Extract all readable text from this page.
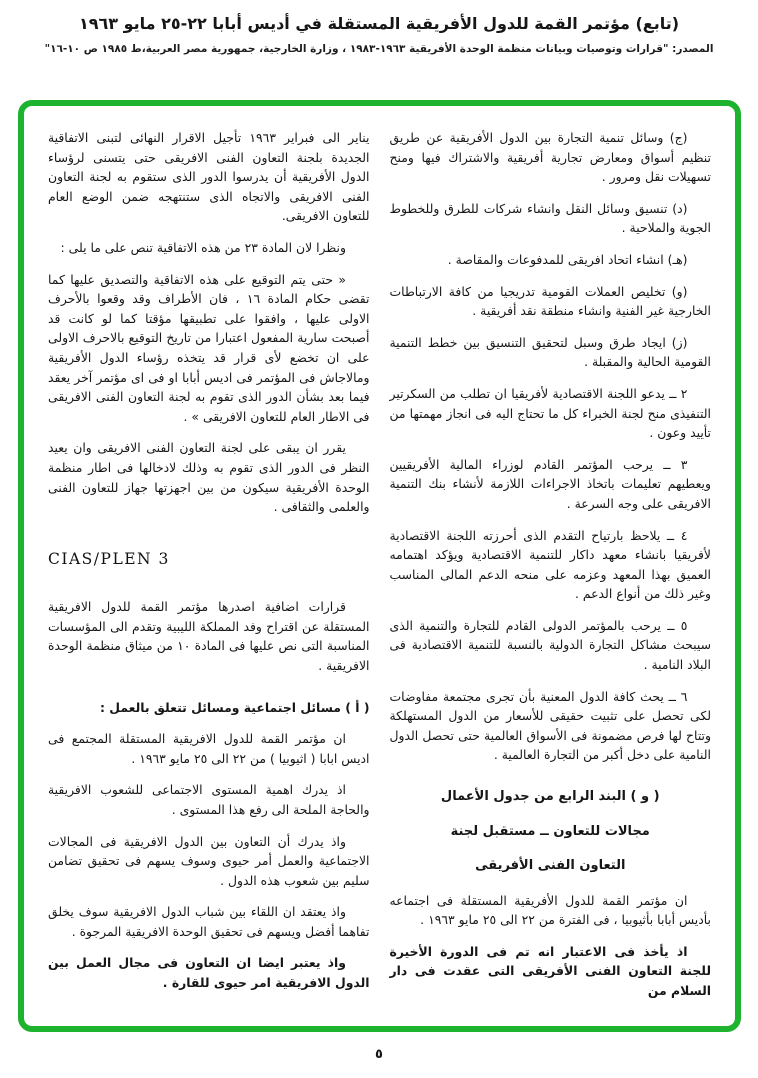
(تابع) مؤتمر القمة للدول الأفريقية المستقلة في أديس أبابا ٢٢-٢٥ مايو ١٩٦٣
المصدر: "قرارات وتوصيات وبيانات منظمة الوحدة الأفريقية ١٩٦٣-١٩٨٣ ، وزارة الخارجية، جمهورية مصر العربية،ط ١٩٨٥ ص ١٠-١٦"

(ج) وسائل تنمية التجارة بين الدول الأفريقية عن طريق تنظيم أسواق ومعارض تجارية أفريقية والاشتراك فيها ومنح تسهيلات نقل ومرور .

(د) تنسيق وسائل النقل وانشاء شركات للطرق وللخطوط الجوية والملاحية .

(هـ) انشاء اتحاد افريقى للمدفوعات والمقاصة .

(و) تخليص العملات القومية تدريجيا من كافة الارتباطات الخارجية غير الفنية وانشاء منطقة نقد أفريقية .

(ز) ايجاد طرق وسبل لتحقيق التنسيق بين خطط التنمية القومية الحالية والمقبلة .

٢ ــ يدعو اللجنة الاقتصادية لأفريقيا ان تطلب من السكرتير التنفيذى منح لجنة الخبراء كل ما تحتاج اليه فى انجاز مهمتها من تأييد وعون .

٣ ــ يرحب المؤتمر القادم لوزراء المالية الأفريقيين ويعطيهم تعليمات باتخاذ الاجراءات اللازمة لأنشاء بنك التنمية الافريقى على وجه السرعة .

٤ ــ يلاحظ بارتياح التقدم الذى أحرزته اللجنة الاقتصادية لأفريقيا بانشاء معهد داكار للتنمية الاقتصادية ويؤكد اهتمامه العميق بهذا المعهد وعزمه على منحه الدعم المالى المناسب وغير ذلك من أنواع الدعم .

٥ ــ يرحب بالمؤتمر الدولى القادم للتجارة والتنمية الذى سيبحث مشاكل التجارة الدولية بالنسبة للتنمية الاقتصادية فى البلاد النامية .

٦ ــ يحث كافة الدول المعنية بأن تجرى مجتمعة مفاوضات لكى تحصل على تثبيت حقيقى للأسعار من الدول المستهلكة وتتاح لها فرص مضمونة فى الأسواق العالمية حتى تحصل الدول النامية على دخل أكبر من التجارة العالمية .

( و ) البند الرابع من جدول الأعمال

مجالات للتعاون ــ مستقبل لجنة

التعاون الفنى الأفريقى

ان مؤتمر القمة للدول الأفريقية المستقلة فى اجتماعه بأديس أبابا بأثيوبيا ، فى الفترة من ٢٢ الى ٢٥ مايو ١٩٦٣ .

اذ يأخذ فى الاعتبار انه تم فى الدورة الأخيرة للجنة التعاون الفنى الأفريقى التى عقدت فى دار السلام من

يناير الى فبراير ١٩٦٣ تأجيل الاقرار النهائى لتبنى الاتفاقية الجديدة بلجنة التعاون الفنى الافريقى حتى يتسنى لرؤساء الدول الأفريقية أن يدرسوا الدور الذى ستقوم به لجنة التعاون الفنى الافريقى والاتجاه الذى ستنتهجه ضمن الوضع العام للتعاون الافريقى.

ونظرا لان المادة ٢٣ من هذه الاتفاقية تنص على ما يلى :

« حتى يتم التوقيع على هذه الاتفاقية والتصديق عليها كما تقضى حكام المادة ١٦ ، فان الأطراف وقد وقعوا بالأحرف الاولى عليها ، وافقوا على تطبيقها مؤقتا كما لو كانت قد أصبحت سارية المفعول اعتبارا من تاريخ التوقيع بالاحرف الاولى على ان تخضع لأى قرار قد يتخذه رؤساء الدول الأفريقية ومالاجاش فى المؤتمر فى اديس أبابا او فى اى مؤتمر آخر يعقد فيما بعد بشأن الدور الذى تقوم به لجنة التعاون الفنى الافريقى فى الاطار العام للتعاون الافريقى » .

يقرر ان يبقى على لجنة التعاون الفنى الافريقى وان يعيد النظر فى الدور الذى تقوم به وذلك لادخالها فى اطار منظمة الوحدة الأفريقية سيكون من بين اجهزتها جهاز للتعاون الفنى والعلمى والثقافى .

CIAS/PLEN 3

قرارات اضافية اصدرها مؤتمر القمة للدول الافريقية المستقلة عن اقتراح وفد المملكة الليبية وتقدم الى المؤسسات المناسبة التى نص عليها فى المادة ١٠ من ميثاق منظمة الوحدة الافريقية .

( أ ) مسائل اجتماعية ومسائل تتعلق بالعمل :

ان مؤتمر القمة للدول الافريقية المستقلة المجتمع فى اديس ابابا ( اثيوبيا ) من ٢٢ الى ٢٥ مايو ١٩٦٣ .

اذ يدرك اهمية المستوى الاجتماعى للشعوب الافريقية والحاجة الملحة الى رفع هذا المستوى .

واذ يدرك أن التعاون بين الدول الافريقية فى المجالات الاجتماعية والعمل أمر حيوى وسوف يسهم فى تحقيق تضامن سليم بين شعوب هذه الدول .

واذ يعتقد ان اللقاء بين شباب الدول الافريقية سوف يخلق تفاهما أفضل ويسهم فى تحقيق الوحدة الافريقية المرجوة .

واذ يعتبر ايضا ان التعاون فى مجال العمل بين الدول الافريقية امر حيوى للقارة .

٥
